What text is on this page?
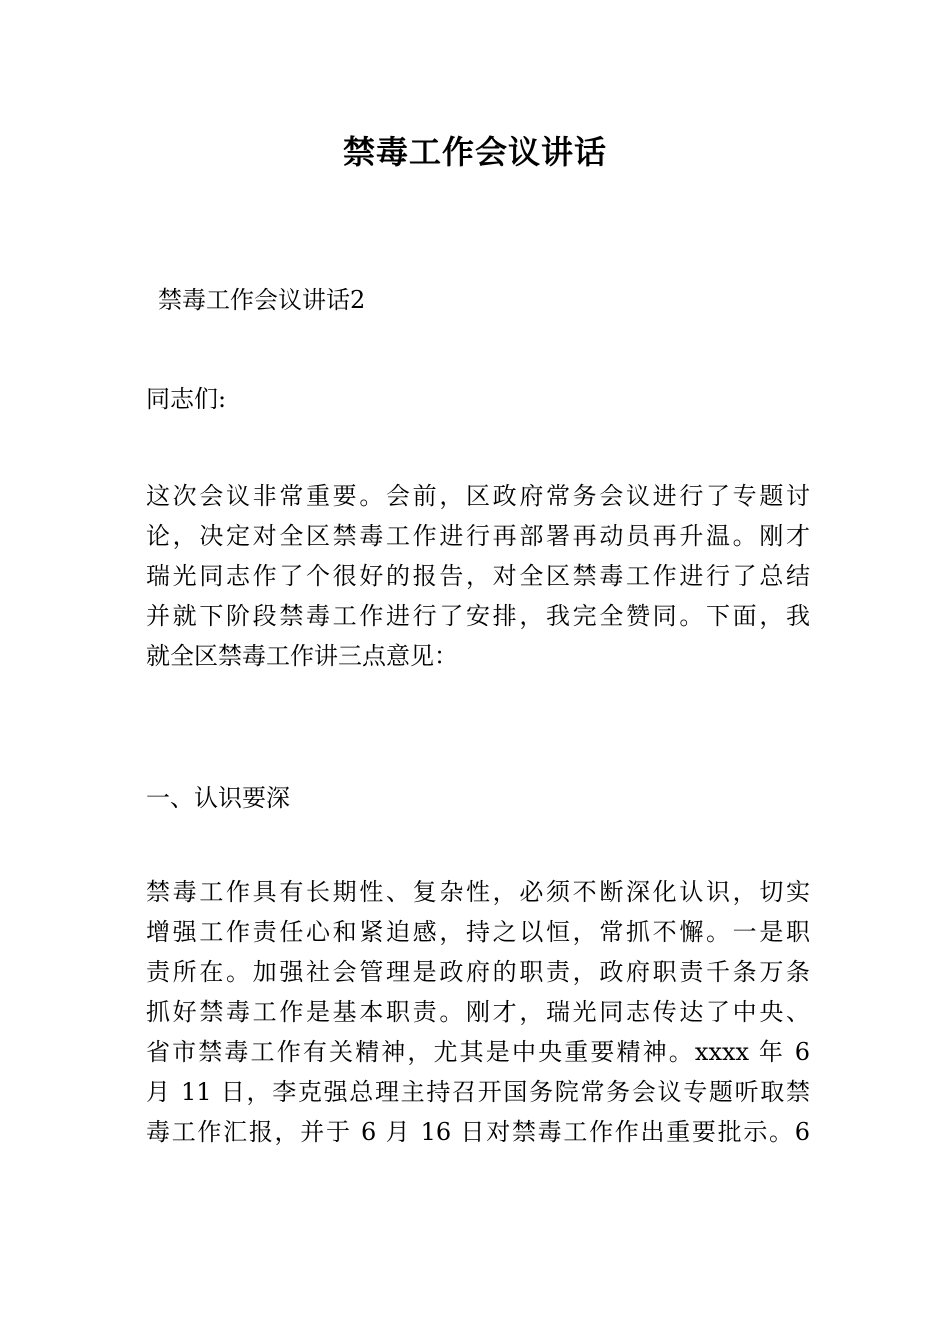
禁毒工作会议讲话
禁毒工作会议讲话2
同志们:
这次会议非常重要。会前，区政府常务会议进行了专题讨
论，决定对全区禁毒工作进行再部署再动员再升温。刚才
瑞光同志作了个很好的报告，对全区禁毒工作进行了总结
并就下阶段禁毒工作进行了安排，我完全赞同。下面，我
就全区禁毒工作讲三点意见：
一、认识要深
禁毒工作具有长期性、复杂性，必须不断深化认识，切实
增强工作责任心和紧迫感，持之以恒，常抓不懈。一是职
责所在。加强社会管理是政府的职责，政府职责千条万条
抓好禁毒工作是基本职责。刚才，瑞光同志传达了中央、
省市禁毒工作有关精神，尤其是中央重要精神。xxxx 年 6
月 11 日，李克强总理主持召开国务院常务会议专题听取禁
毒工作汇报，并于 6 月 16 日对禁毒工作作出重要批示。6
